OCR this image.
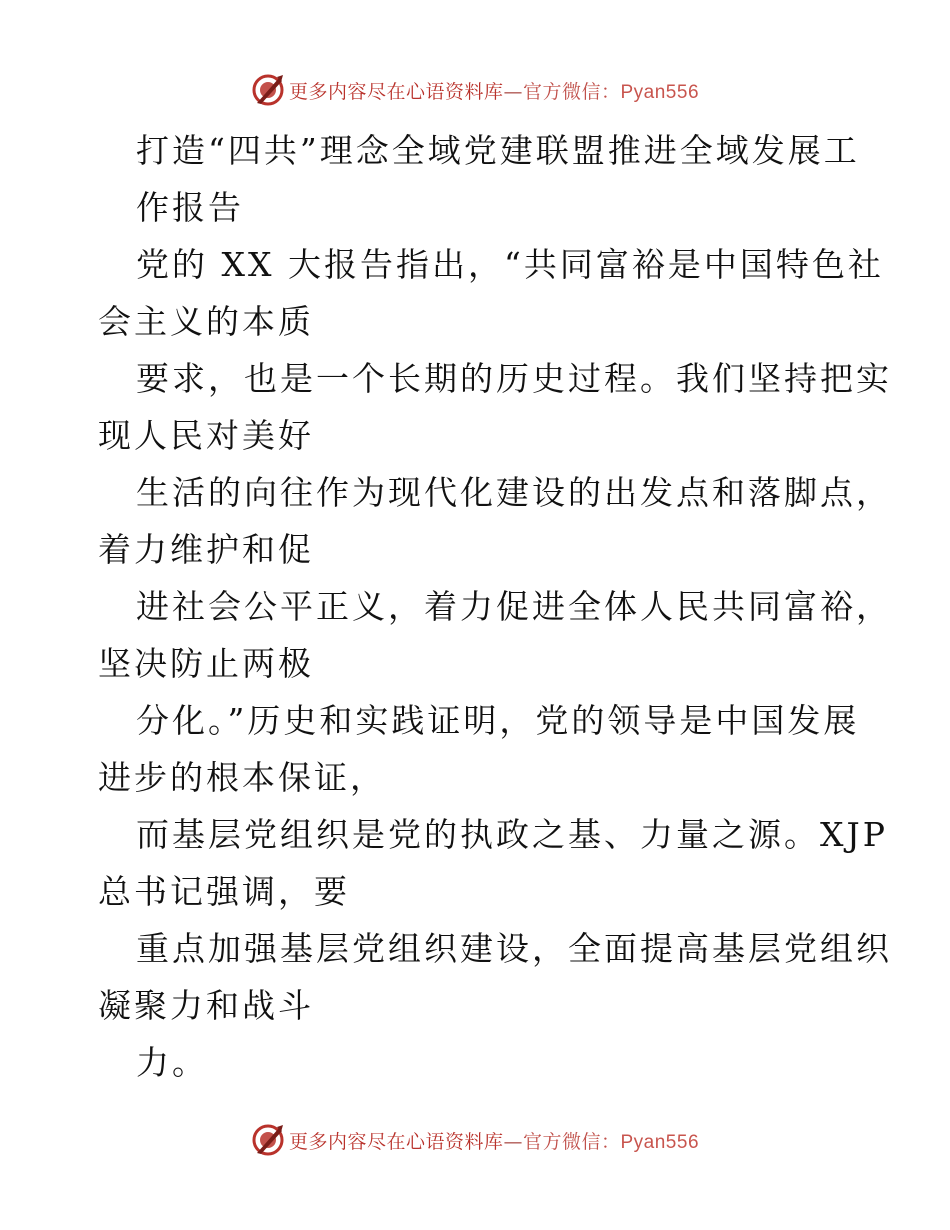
更多内容尽在心语资料库—官方微信：Pyan556
打造“四共”理念全域党建联盟推进全域发展工
作报告
党的 XX 大报告指出，“共同富裕是中国特色社
会主义的本质
要求，也是一个长期的历史过程。我们坚持把实
现人民对美好
生活的向往作为现代化建设的出发点和落脚点，
着力维护和促
进社会公平正义，着力促进全体人民共同富裕，
坚决防止两极
分化。”历史和实践证明，党的领导是中国发展
进步的根本保证，
而基层党组织是党的执政之基、力量之源。XJP
总书记强调，要
重点加强基层党组织建设，全面提高基层党组织
凝聚力和战斗
力。
更多内容尽在心语资料库—官方微信：Pyan556
